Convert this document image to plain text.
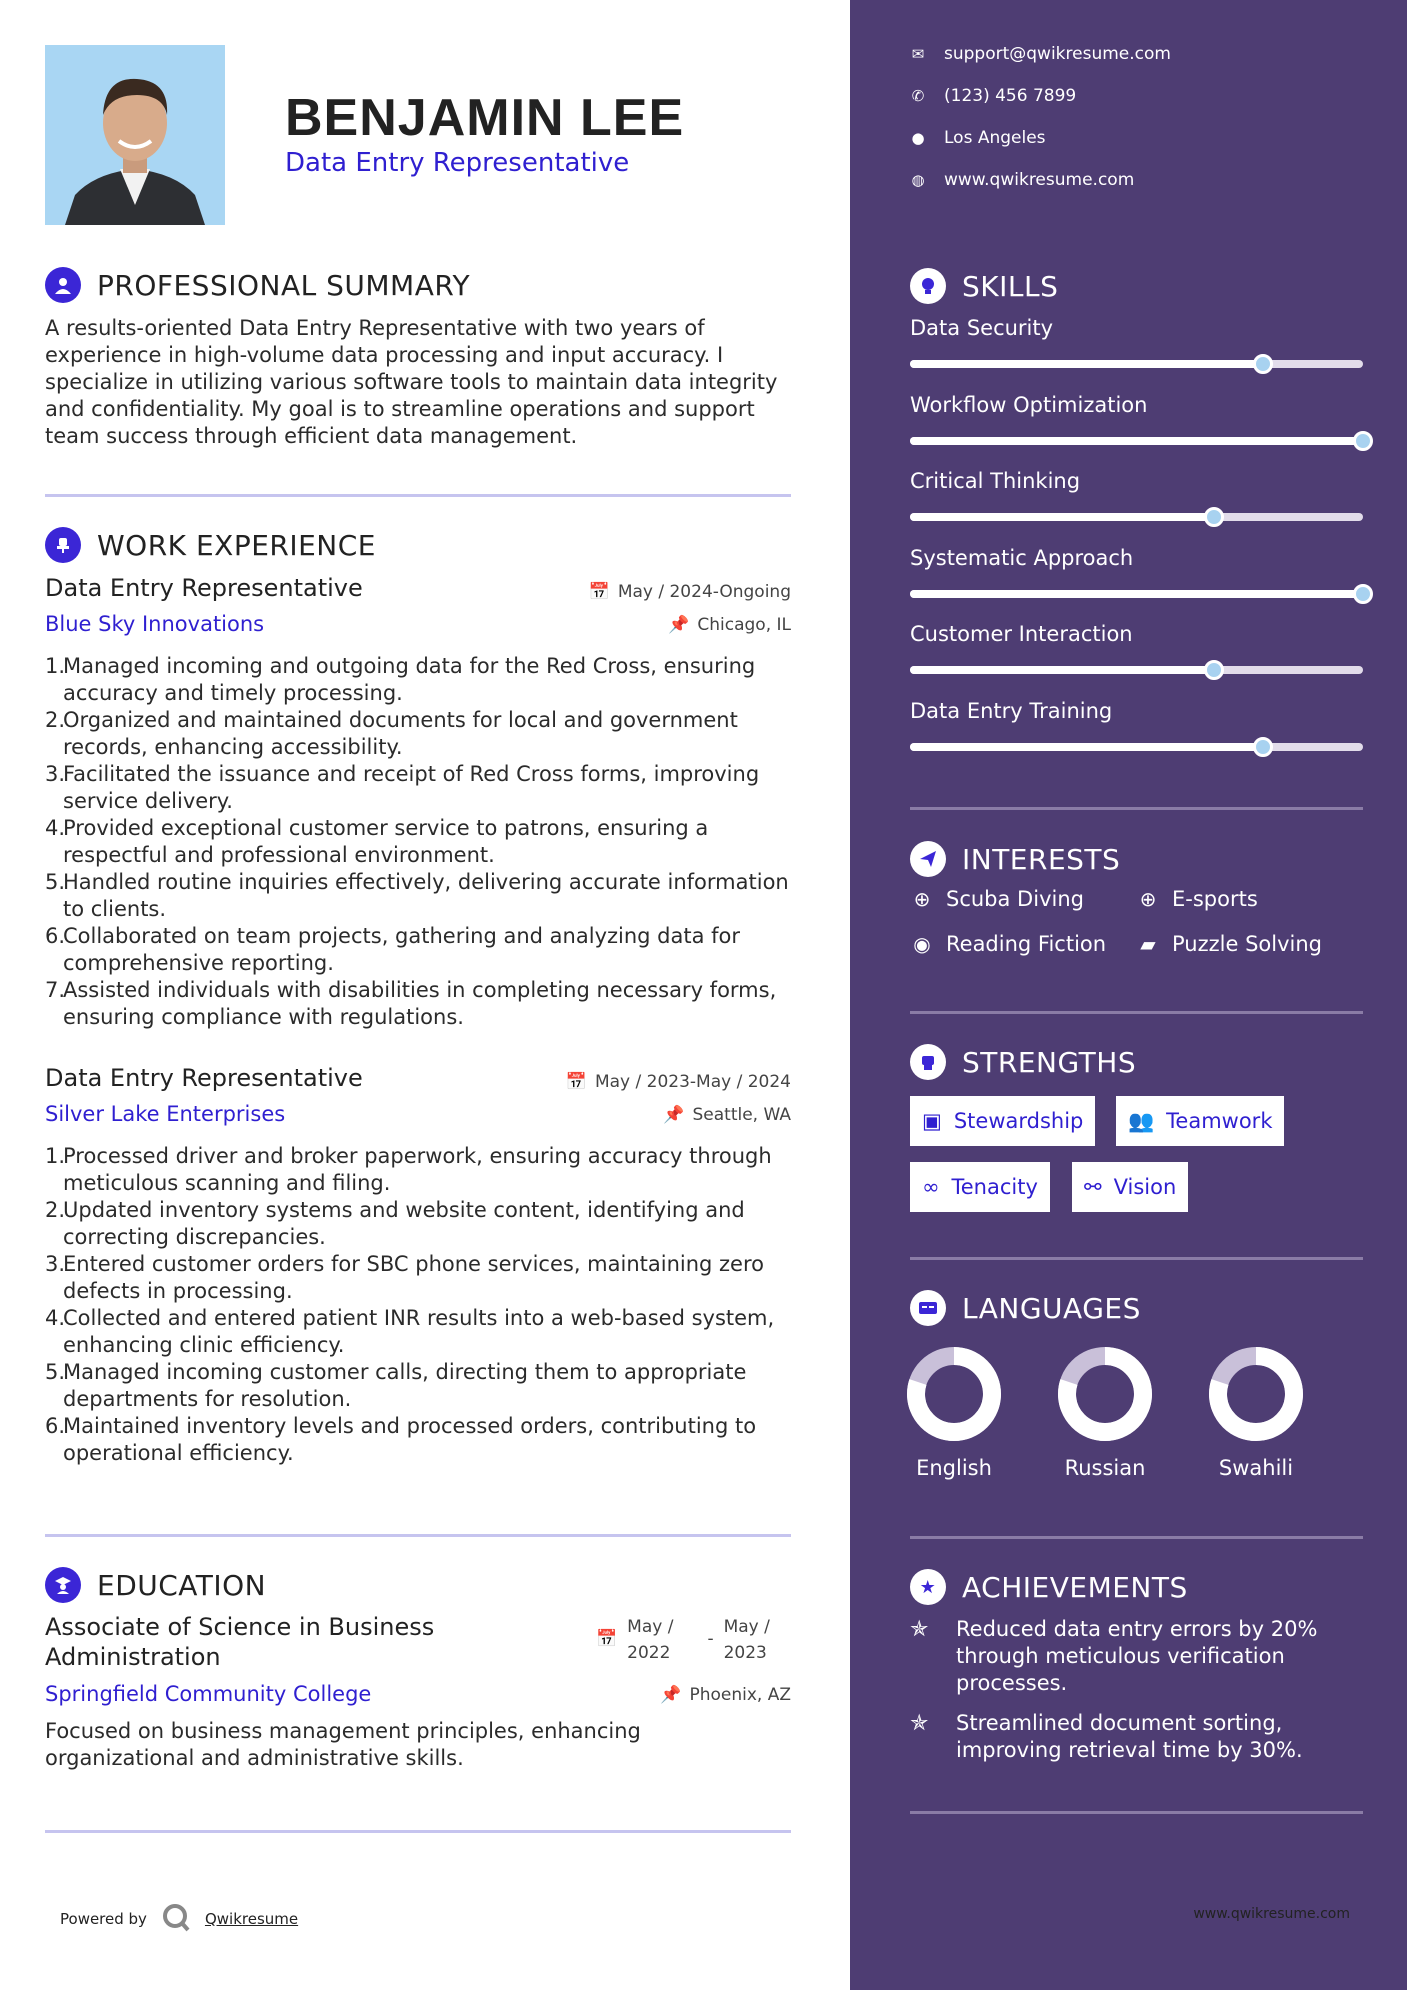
BENJAMIN LEE
Data Entry Representative
PROFESSIONAL SUMMARY
A results-oriented Data Entry Representative with two years of experience in high-volume data processing and input accuracy. I specialize in utilizing various software tools to maintain data integrity and confidentiality. My goal is to streamline operations and support team success through efficient data management.
WORK EXPERIENCE
Data Entry Representative	📅 May / 2024-Ongoing
Blue Sky Innovations	📌 Chicago, IL
1.
Managed incoming and outgoing data for the Red Cross, ensuring accuracy and timely processing.
2.
Organized and maintained documents for local and government records, enhancing accessibility.
3.
Facilitated the issuance and receipt of Red Cross forms, improving service delivery.
4.
Provided exceptional customer service to patrons, ensuring a respectful and professional environment.
5.
Handled routine inquiries effectively, delivering accurate information to clients.
6.
Collaborated on team projects, gathering and analyzing data for comprehensive reporting.
7.
Assisted individuals with disabilities in completing necessary forms, ensuring compliance with regulations.
Data Entry Representative	📅 May / 2023-May / 2024
Silver Lake Enterprises	📌 Seattle, WA
1.
Processed driver and broker paperwork, ensuring accuracy through meticulous scanning and filing.
2.
Updated inventory systems and website content, identifying and correcting discrepancies.
3.
Entered customer orders for SBC phone services, maintaining zero defects in processing.
4.
Collected and entered patient INR results into a web-based system, enhancing clinic efficiency.
5.
Managed incoming customer calls, directing them to appropriate departments for resolution.
6.
Maintained inventory levels and processed orders, contributing to operational efficiency.
EDUCATION
Associate of Science in Business
Administration
📅
May /
2022
-
May /
2023
Springfield Community College	📌 Phoenix, AZ
Focused on business management principles, enhancing organizational and administrative skills.
Powered by	Qwikresume
✉ support@qwikresume.com
✆ (123) 456 7899
● Los Angeles
◍ www.qwikresume.com
SKILLS
Data Security
Workflow Optimization
Critical Thinking
Systematic Approach
Customer Interaction
Data Entry Training
INTERESTS
⊕ Scuba Diving	⊕ E-sports
◉ Reading Fiction ▰ Puzzle Solving
STRENGTHS
▣ Stewardship 👥 Teamwork
∞ Tenacity ⚯ Vision
LANGUAGES
English	Russian	Swahili
★ ACHIEVEMENTS
✯	Reduced data entry errors by 20% through meticulous verification processes.
✯	Streamlined document sorting, improving retrieval time by 30%.
www.qwikresume.com
